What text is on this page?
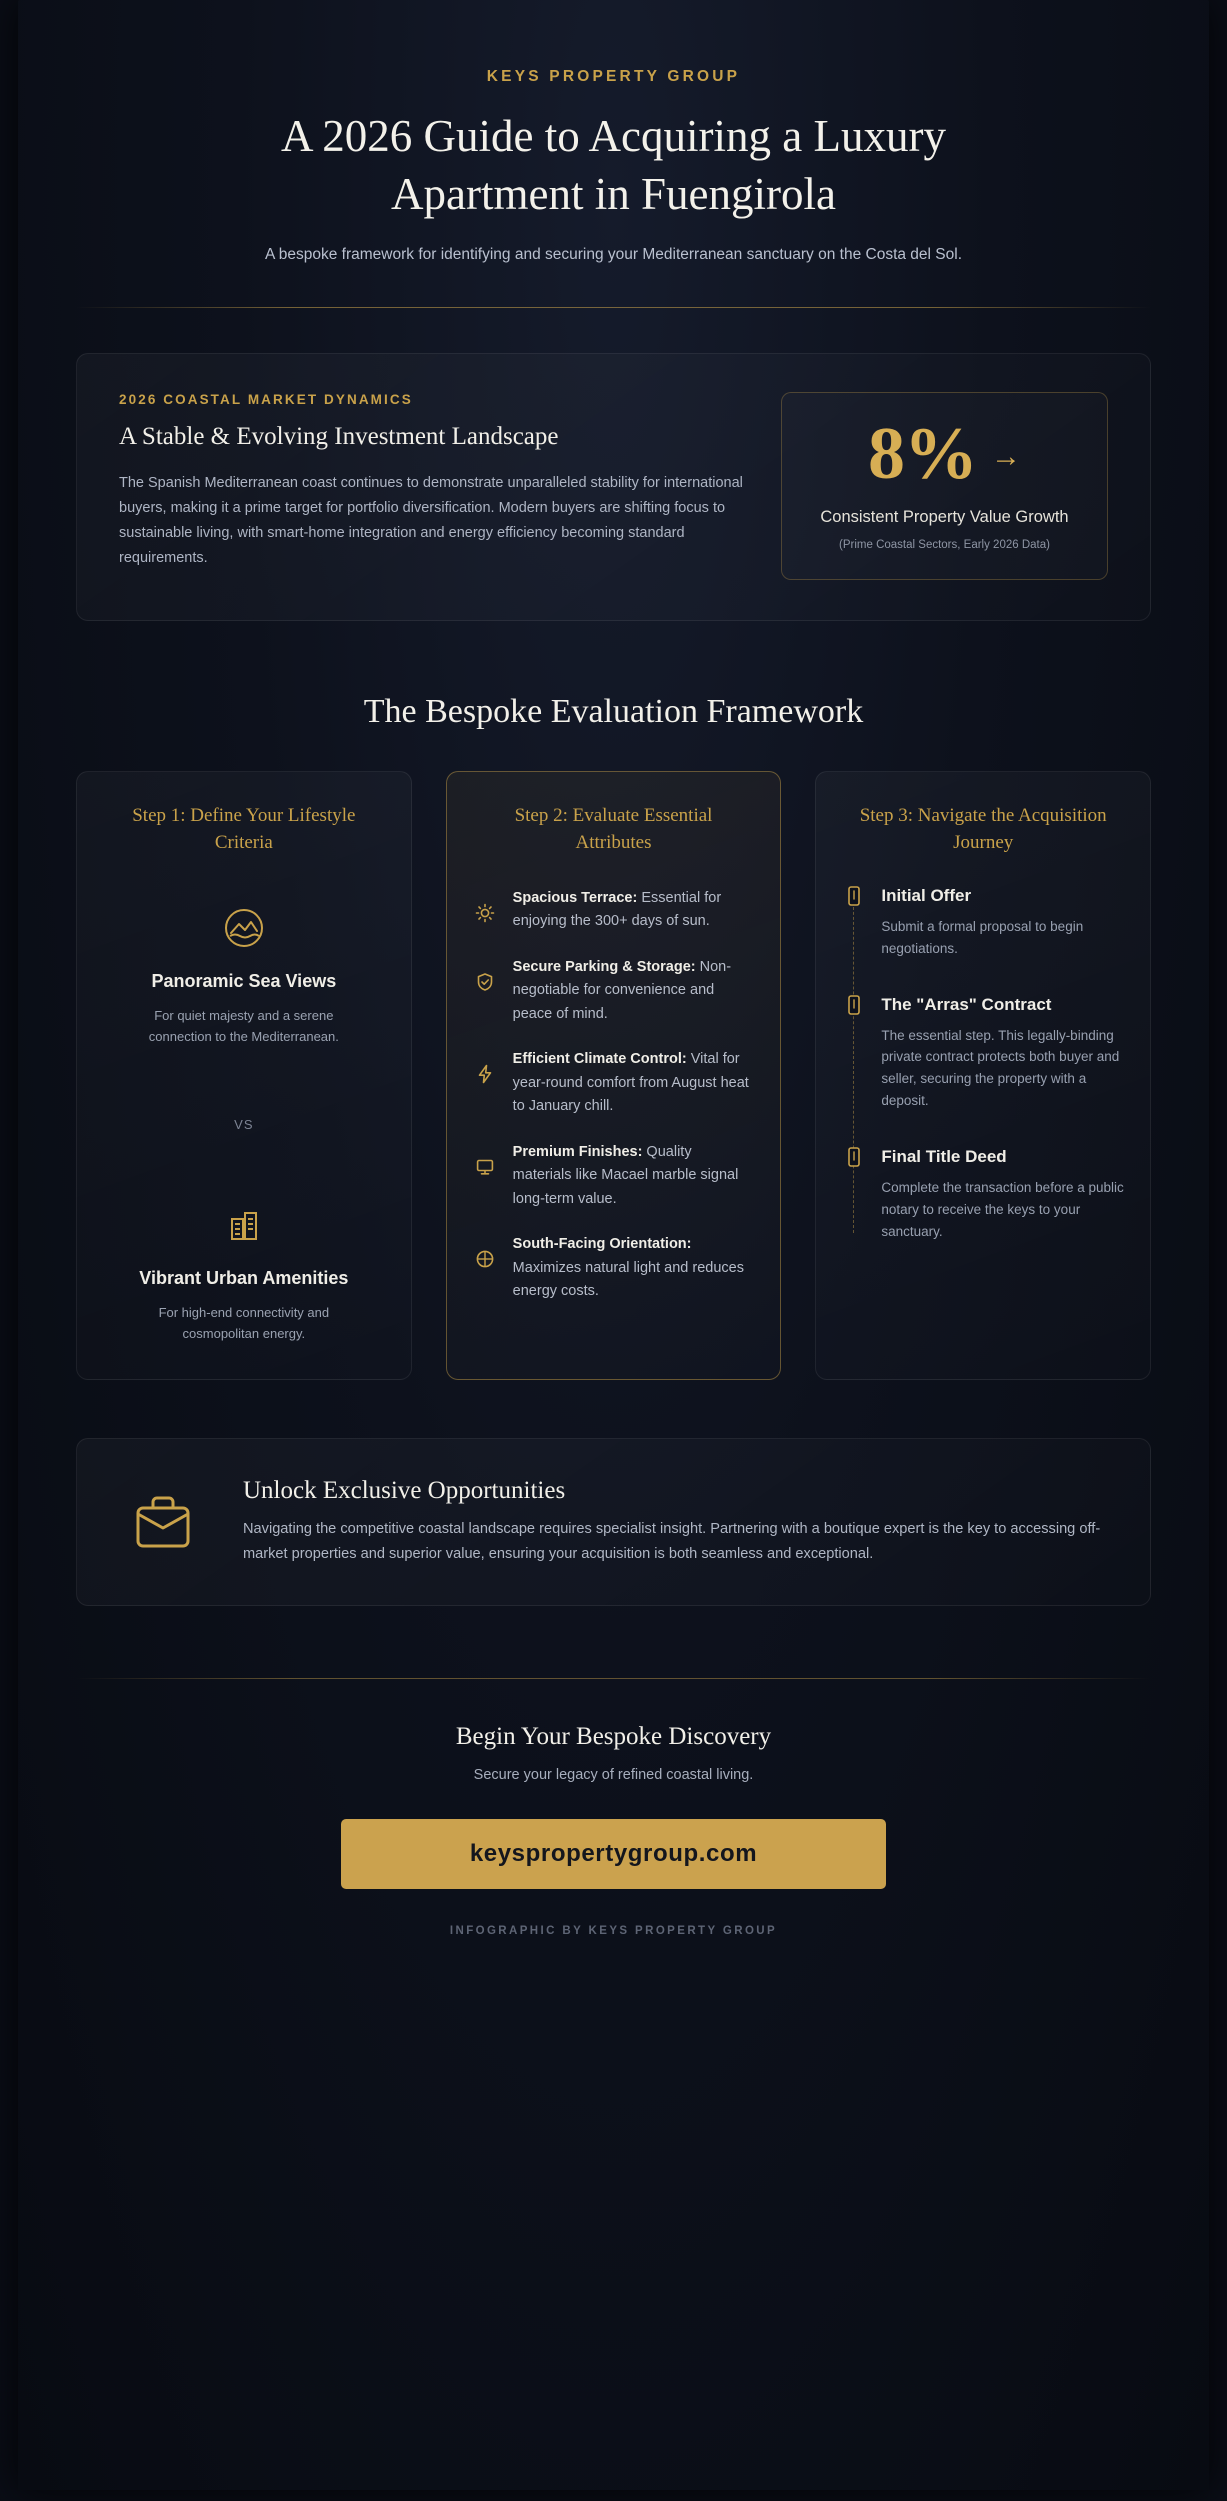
KEYS PROPERTY GROUP
A 2026 Guide to Acquiring a Luxury Apartment in Fuengirola
A bespoke framework for identifying and securing your Mediterranean sanctuary on the Costa del Sol.
2026 COASTAL MARKET DYNAMICS
A Stable & Evolving Investment Landscape
The Spanish Mediterranean coast continues to demonstrate unparalleled stability for international buyers, making it a prime target for portfolio diversification. Modern buyers are shifting focus to sustainable living, with smart-home integration and energy efficiency becoming standard requirements.
8% →
Consistent Property Value Growth
(Prime Coastal Sectors, Early 2026 Data)
The Bespoke Evaluation Framework
Step 1: Define Your Lifestyle Criteria
Panoramic Sea Views
For quiet majesty and a serene connection to the Mediterranean.
VS
Vibrant Urban Amenities
For high-end connectivity and cosmopolitan energy.
Step 2: Evaluate Essential Attributes
Spacious Terrace: Essential for enjoying the 300+ days of sun.
Secure Parking & Storage: Non-negotiable for convenience and peace of mind.
Efficient Climate Control: Vital for year-round comfort from August heat to January chill.
Premium Finishes: Quality materials like Macael marble signal long-term value.
South-Facing Orientation: Maximizes natural light and reduces energy costs.
Step 3: Navigate the Acquisition Journey
Initial Offer
Submit a formal proposal to begin negotiations.
The "Arras" Contract
The essential step. This legally-binding private contract protects both buyer and seller, securing the property with a deposit.
Final Title Deed
Complete the transaction before a public notary to receive the keys to your sanctuary.
Unlock Exclusive Opportunities
Navigating the competitive coastal landscape requires specialist insight. Partnering with a boutique expert is the key to accessing off-market properties and superior value, ensuring your acquisition is both seamless and exceptional.
Begin Your Bespoke Discovery
Secure your legacy of refined coastal living.
keyspropertygroup.com
INFOGRAPHIC BY KEYS PROPERTY GROUP
